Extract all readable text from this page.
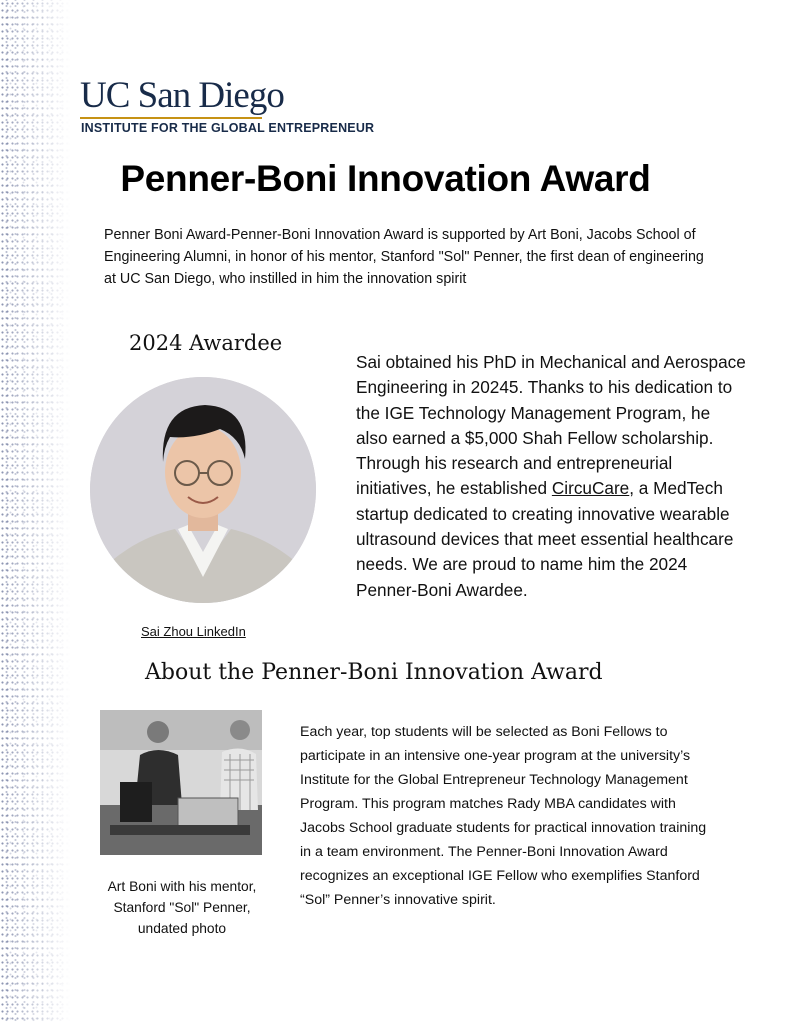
UC San Diego
INSTITUTE FOR THE GLOBAL ENTREPRENEUR
Penner-Boni Innovation Award

Penner Boni Award-Penner-Boni Innovation Award is supported by Art Boni, Jacobs School of Engineering Alumni, in honor of his mentor, Stanford "Sol" Penner, the first dean of engineering at UC San Diego, who instilled in him the innovation spirit

2024 Awardee
Sai Zhou LinkedIn

Sai obtained his PhD in Mechanical and Aerospace Engineering in 20245. Thanks to his dedication to the IGE Technology Management Program, he also earned a $5,000 Shah Fellow scholarship. Through his research and entrepreneurial initiatives, he established CircuCare, a MedTech startup dedicated to creating innovative wearable ultrasound devices that meet essential healthcare needs. We are proud to name him the 2024 Penner-Boni Awardee.

About the Penner-Boni Innovation Award
Art Boni with his mentor, Stanford "Sol" Penner, undated photo

Each year, top students will be selected as Boni Fellows to participate in an intensive one-year program at the university’s Institute for the Global Entrepreneur Technology Management Program. This program matches Rady MBA candidates with Jacobs School graduate students for practical innovation training in a team environment. The Penner-Boni Innovation Award recognizes an exceptional IGE Fellow who exemplifies Stanford “Sol” Penner’s innovative spirit.
